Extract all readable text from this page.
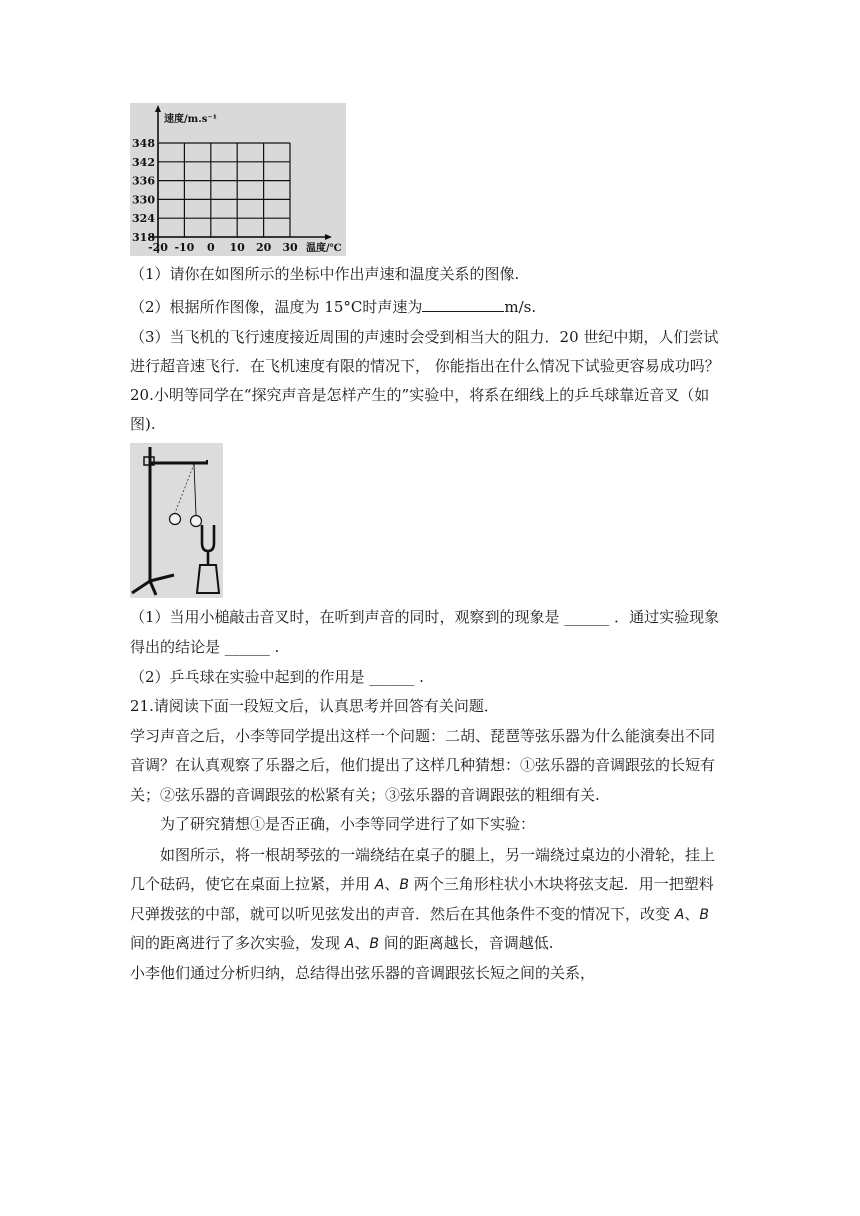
速度/m.s⁻¹
温度/℃
348
342
336
330
324
318
-20 -10 0 10 20 30
（1）请你在如图所示的坐标中作出声速和温度关系的图像.
（2）根据所作图像，温度为 15°C时声速为	m/s.
（3）当飞机的飞行速度接近周围的声速时会受到相当大的阻力．20 世纪中期，人们尝试
进行超音速飞行．在飞机速度有限的情况下， 你能指出在什么情况下试验更容易成功吗？
20.小明等同学在“探究声音是怎样产生的”实验中，将系在细线上的乒乓球靠近音叉（如
图).
（1）当用小槌敲击音叉时，在听到声音的同时，观察到的现象是 ______ ．通过实验现象
得出的结论是 ______ .
（2）乒乓球在实验中起到的作用是 ______ .
21.请阅读下面一段短文后，认真思考并回答有关问题．
学习声音之后，小李等同学提出这样一个问题：二胡、琵琶等弦乐器为什么能演奏出不同
音调？在认真观察了乐器之后，他们提出了这样几种猜想：①弦乐器的音调跟弦的长短有
关；②弦乐器的音调跟弦的松紧有关；③弦乐器的音调跟弦的粗细有关.
为了研究猜想①是否正确，小李等同学进行了如下实验：
如图所示，将一根胡琴弦的一端绕结在桌子的腿上，另一端绕过桌边的小滑轮，挂上
几个砝码，使它在桌面上拉紧，并用 A、B 两个三角形柱状小木块将弦支起．用一把塑料
尺弹拨弦的中部，就可以听见弦发出的声音．然后在其他条件不变的情况下，改变 A、B
间的距离进行了多次实验，发现 A、B 间的距离越长，音调越低.
小李他们通过分析归纳，总结得出弦乐器的音调跟弦长短之间的关系，
